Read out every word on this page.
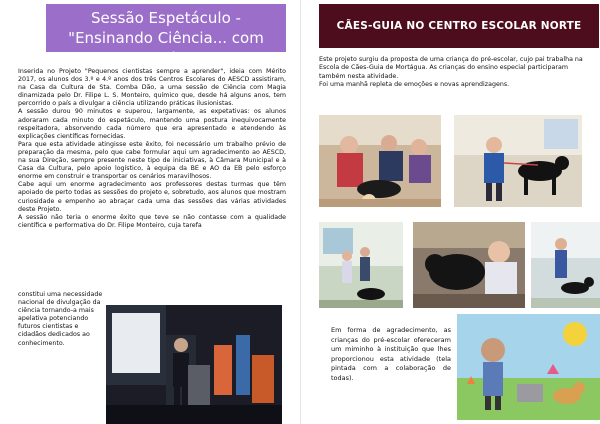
Sessão Espetáculo -
"Ensinando Ciência... com Magia"

Inserida no Projeto "Pequenos cientistas sempre a aprender", ideia com Mérito 2017, os alunos dos 3.º e 4.º anos dos três Centros Escolares do AESCD assistiram, na Casa da Cultura de Sta. Comba Dão, a uma sessão de Ciência com Magia dinamizada pelo Dr. Filipe L. S. Monteiro, químico que, desde há alguns anos, tem percorrido o país a divulgar a ciência utilizando práticas ilusionistas.

A sessão durou 90 minutos e superou, largamente, as expetativas: os alunos adoraram cada minuto do espetáculo, mantendo uma postura inequivocamente respeitadora, absorvendo cada número que era apresentado e atendendo às explicações científicas fornecidas.

Para que esta atividade atingisse este êxito, foi necessário um trabalho prévio de preparação da mesma, pelo que cabe formular aqui um agradecimento ao AESCD, na sua Direção, sempre presente neste tipo de iniciativas, à Câmara Municipal e à Casa da Cultura, pelo apoio logístico, à equipa da BE e AO da EB pelo esforço enorme em construir e transportar os cenários maravilhosos.

Cabe aqui um enorme agradecimento aos professores destas turmas que têm apoiado de perto todas as sessões do projeto e, sobretudo, aos alunos que mostram curiosidade e empenho ao abraçar cada uma das sessões das várias atividades deste Projeto.

A sessão não teria o enorme êxito que teve se não contasse com a qualidade científica e performativa do Dr. Filipe Monteiro, cuja tarefa

constitui uma necessidade nacional de divulgação da ciência tornando-a mais apelativa potenciando futuros cientistas e cidadãos dedicados ao conhecimento.
CÃES-GUIA NO CENTRO ESCOLAR NORTE

Este projeto surgiu da proposta de uma criança do pré-escolar, cujo pai trabalha na Escola de Cães-Guia de Mortágua. As crianças do ensino especial participaram também nesta atividade.

Foi uma manhã repleta de emoções e novas aprendizagens.

Em forma de agradecimento, as crianças do pré-escolar ofereceram um miminho à instituição que lhes proporcionou esta atividade (tela pintada com a colaboração de todas).
